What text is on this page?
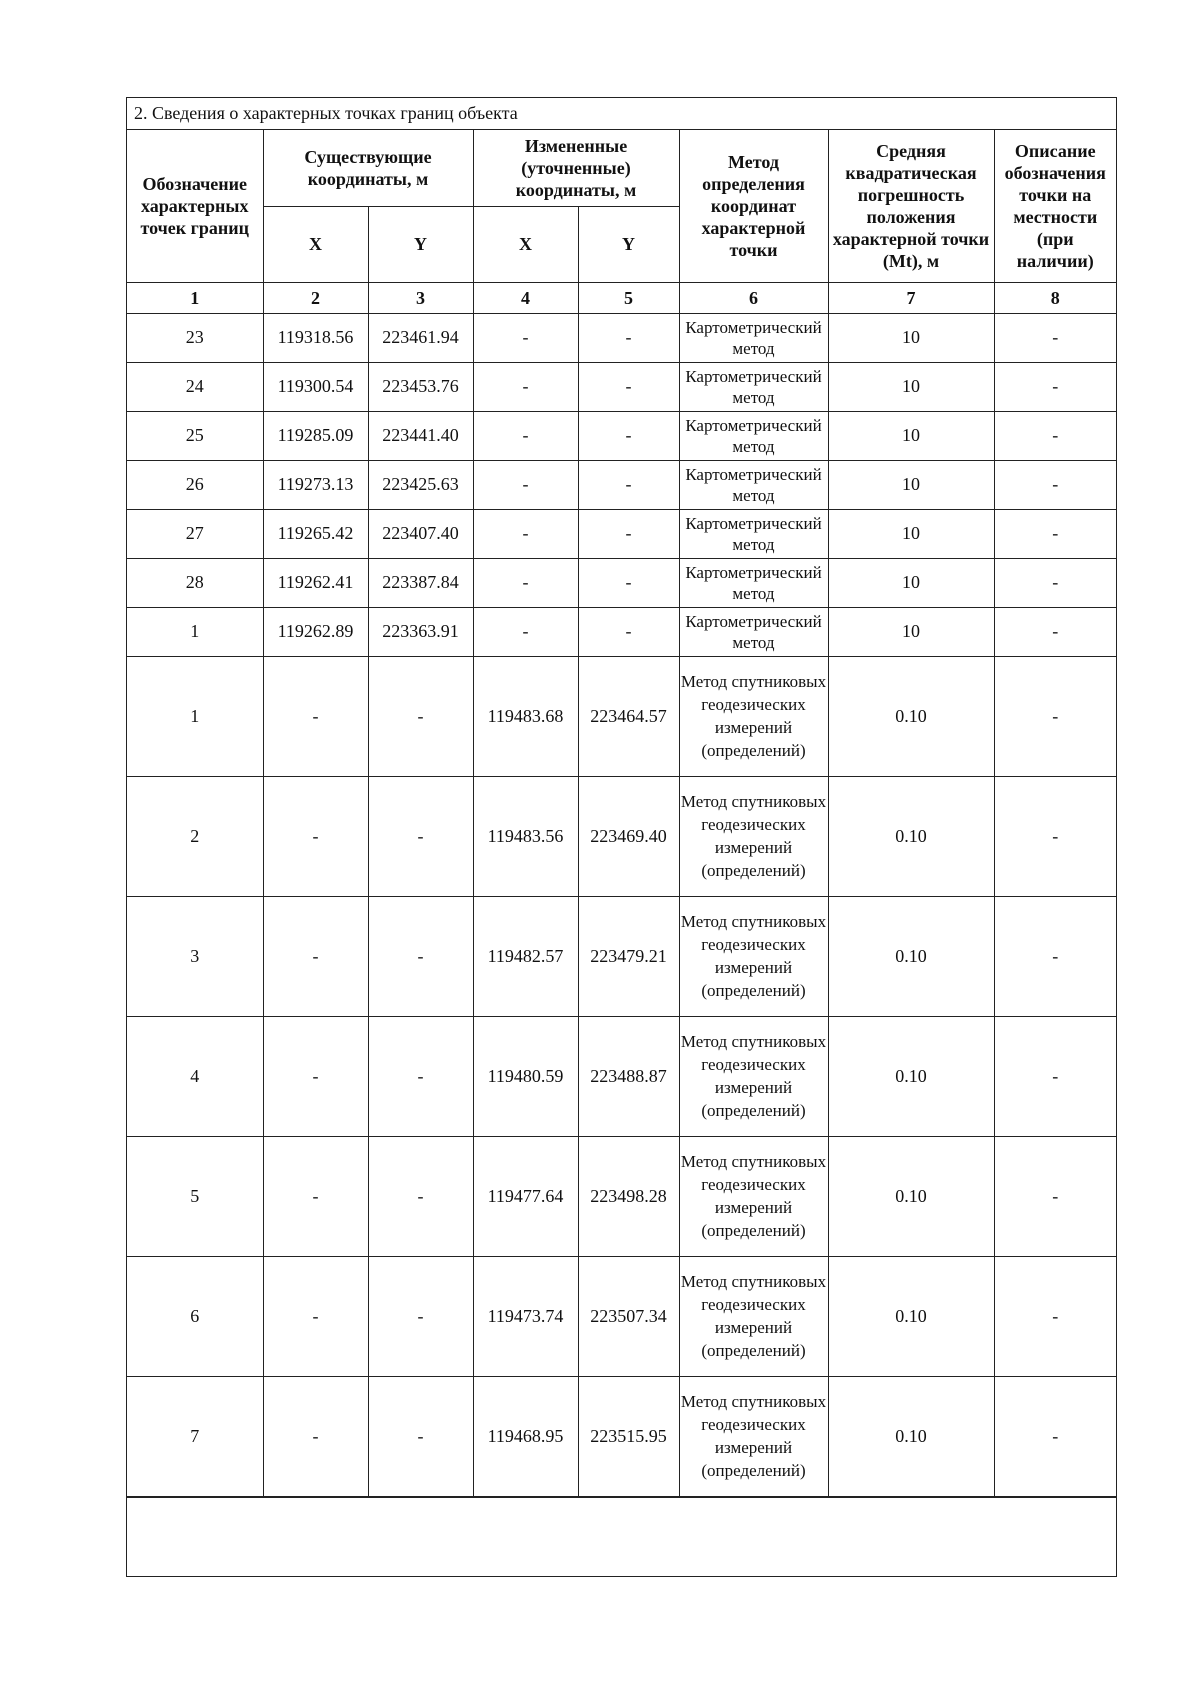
2. Сведения о характерных точках границ объекта
Обозначение характерных точек границ	Существующие координаты, м		Измененные (уточненные) координаты, м		Метод определения координат характерной точки	Средняя квадратическая погрешность положения характерной точки (Mt), м	Описание обозначения точки на местности (при наличии)
	X	Y	X	Y			
1	2	3	4	5	6	7	8
23	119318.56	223461.94	-	-	Картометрический метод	10	-
24	119300.54	223453.76	-	-	Картометрический метод	10	-
25	119285.09	223441.40	-	-	Картометрический метод	10	-
26	119273.13	223425.63	-	-	Картометрический метод	10	-
27	119265.42	223407.40	-	-	Картометрический метод	10	-
28	119262.41	223387.84	-	-	Картометрический метод	10	-
1	119262.89	223363.91	-	-	Картометрический метод	10	-
1	-	-	119483.68	223464.57	Метод спутниковых геодезических измерений (определений)	0.10	-
2	-	-	119483.56	223469.40	Метод спутниковых геодезических измерений (определений)	0.10	-
3	-	-	119482.57	223479.21	Метод спутниковых геодезических измерений (определений)	0.10	-
4	-	-	119480.59	223488.87	Метод спутниковых геодезических измерений (определений)	0.10	-
5	-	-	119477.64	223498.28	Метод спутниковых геодезических измерений (определений)	0.10	-
6	-	-	119473.74	223507.34	Метод спутниковых геодезических измерений (определений)	0.10	-
7	-	-	119468.95	223515.95	Метод спутниковых геодезических измерений (определений)	0.10	-
